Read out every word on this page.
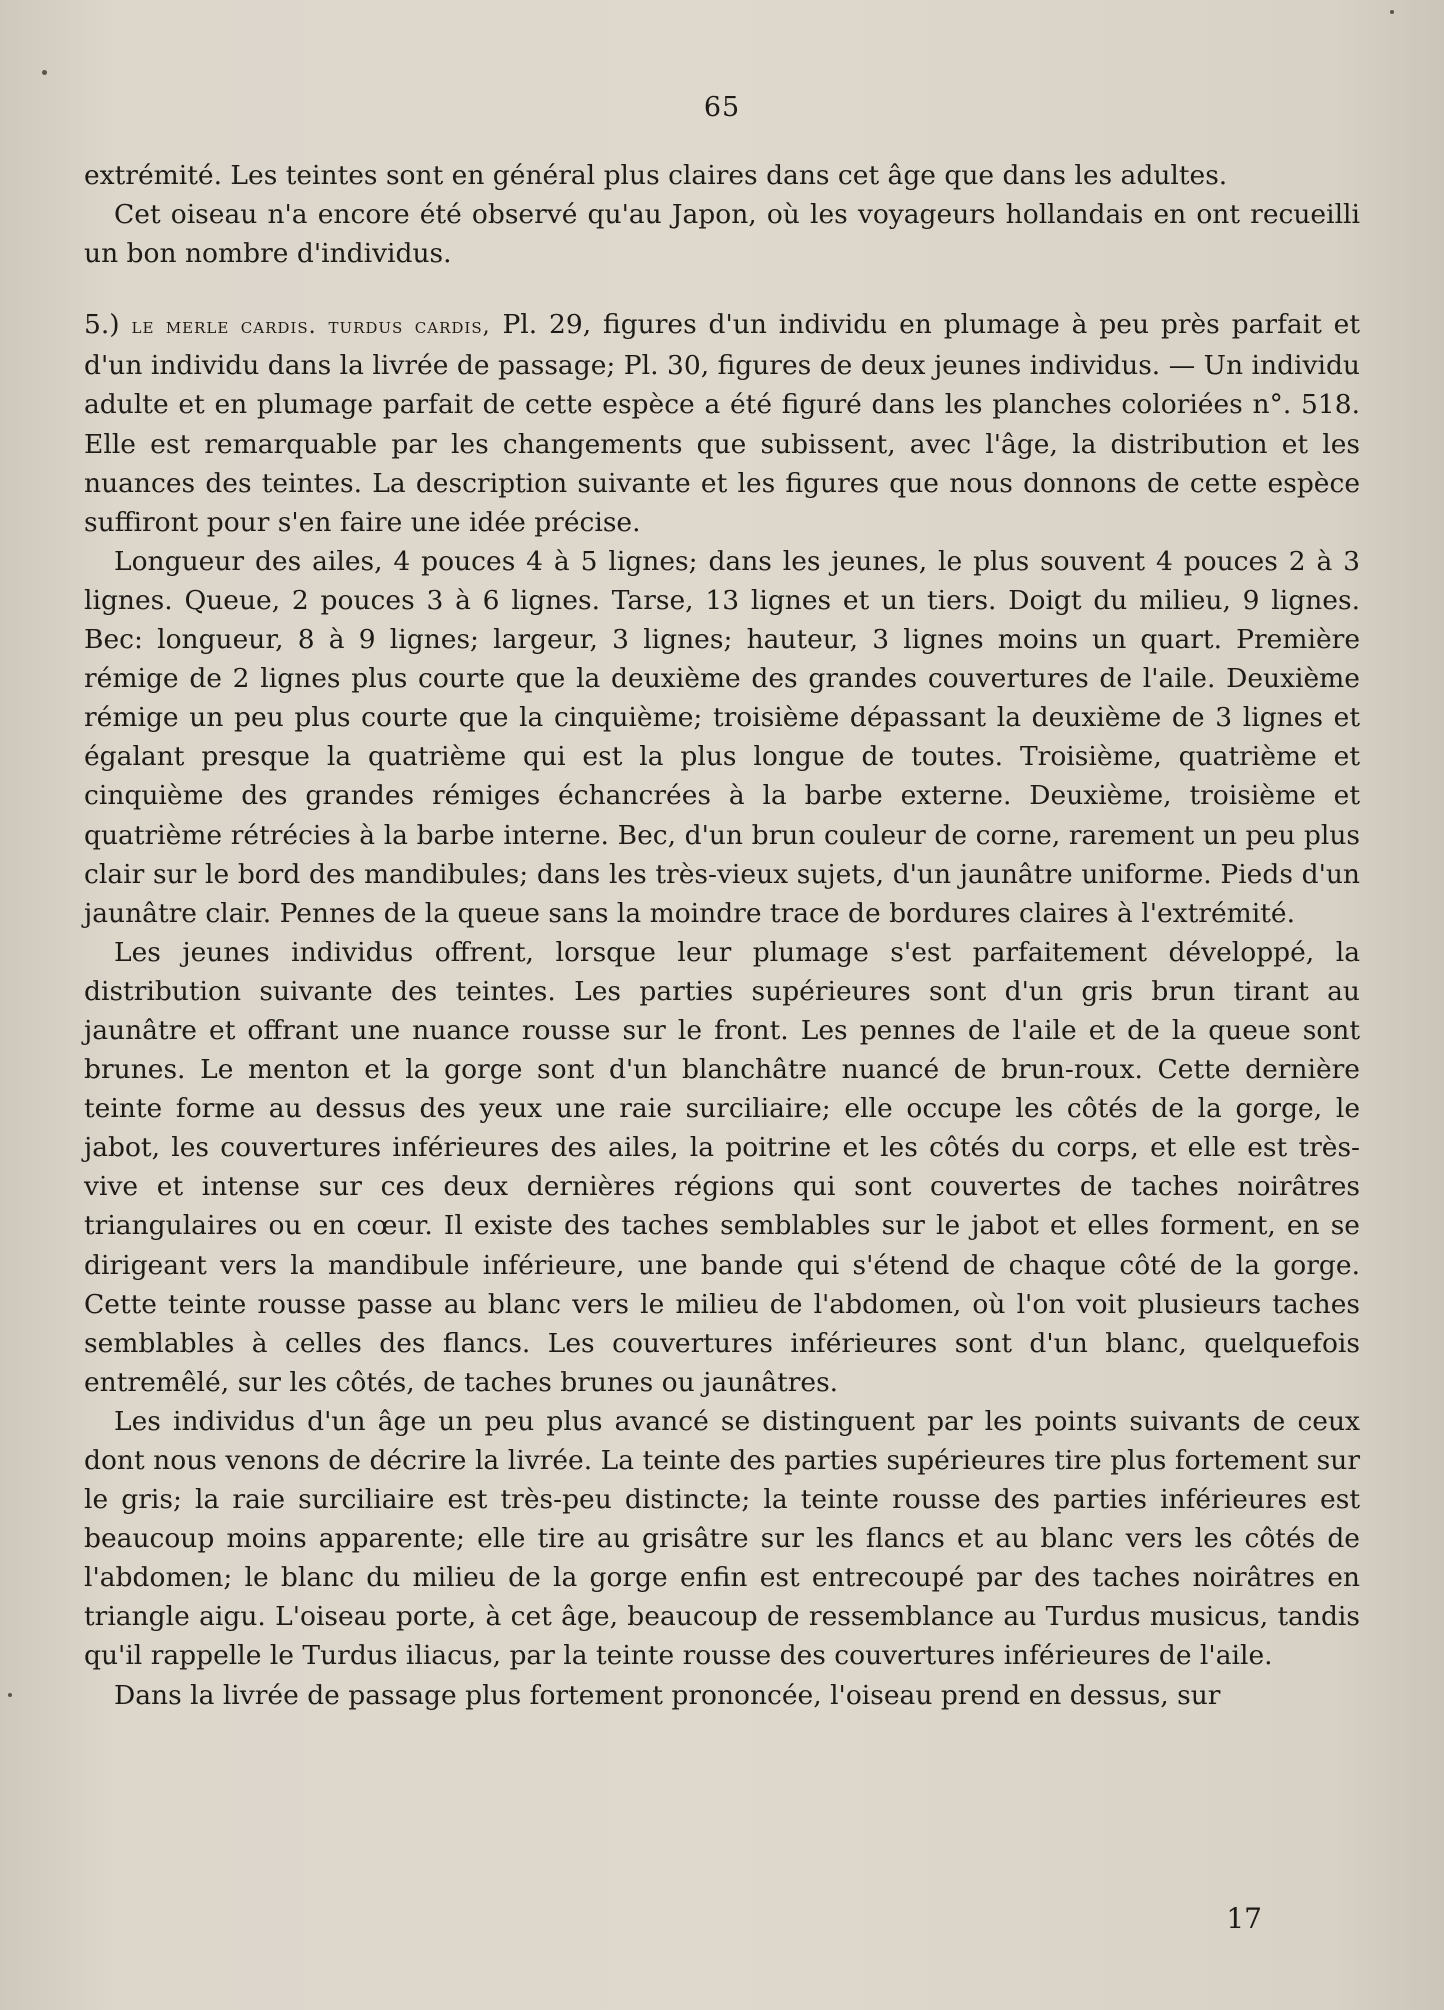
65

extrémité. Les teintes sont en général plus claires dans cet âge que dans les adultes.

Cet oiseau n'a encore été observé qu'au Japon, où les voyageurs hollandais en ont recueilli un bon nombre d'individus.

5.) le merle cardis. turdus cardis, Pl. 29, figures d'un individu en plumage à peu près parfait et d'un individu dans la livrée de passage; Pl. 30, figures de deux jeunes individus. — Un individu adulte et en plumage parfait de cette espèce a été figuré dans les planches coloriées n°. 518. Elle est remarquable par les changements que subissent, avec l'âge, la distribution et les nuances des teintes. La description suivante et les figures que nous donnons de cette espèce suffiront pour s'en faire une idée précise.

Longueur des ailes, 4 pouces 4 à 5 lignes; dans les jeunes, le plus souvent 4 pouces 2 à 3 lignes. Queue, 2 pouces 3 à 6 lignes. Tarse, 13 lignes et un tiers. Doigt du milieu, 9 lignes. Bec: longueur, 8 à 9 lignes; largeur, 3 lignes; hauteur, 3 lignes moins un quart. Première rémige de 2 lignes plus courte que la deuxième des grandes couvertures de l'aile. Deuxième rémige un peu plus courte que la cinquième; troisième dépassant la deuxième de 3 lignes et égalant presque la quatrième qui est la plus longue de toutes. Troisième, quatrième et cinquième des grandes rémiges échancrées à la barbe externe. Deuxième, troisième et quatrième rétrécies à la barbe interne. Bec, d'un brun couleur de corne, rarement un peu plus clair sur le bord des mandibules; dans les très-vieux sujets, d'un jaunâtre uniforme. Pieds d'un jaunâtre clair. Pennes de la queue sans la moindre trace de bordures claires à l'extrémité.

Les jeunes individus offrent, lorsque leur plumage s'est parfaitement développé, la distribution suivante des teintes. Les parties supérieures sont d'un gris brun tirant au jaunâtre et offrant une nuance rousse sur le front. Les pennes de l'aile et de la queue sont brunes. Le menton et la gorge sont d'un blanchâtre nuancé de brun-roux. Cette dernière teinte forme au dessus des yeux une raie surciliaire; elle occupe les côtés de la gorge, le jabot, les couvertures inférieures des ailes, la poitrine et les côtés du corps, et elle est très-vive et intense sur ces deux dernières régions qui sont couvertes de taches noirâtres triangulaires ou en cœur. Il existe des taches semblables sur le jabot et elles forment, en se dirigeant vers la mandibule inférieure, une bande qui s'étend de chaque côté de la gorge. Cette teinte rousse passe au blanc vers le milieu de l'abdomen, où l'on voit plusieurs taches semblables à celles des flancs. Les couvertures inférieures sont d'un blanc, quelquefois entremêlé, sur les côtés, de taches brunes ou jaunâtres.

Les individus d'un âge un peu plus avancé se distinguent par les points suivants de ceux dont nous venons de décrire la livrée. La teinte des parties supérieures tire plus fortement sur le gris; la raie surciliaire est très-peu distincte; la teinte rousse des parties inférieures est beaucoup moins apparente; elle tire au grisâtre sur les flancs et au blanc vers les côtés de l'abdomen; le blanc du milieu de la gorge enfin est entrecoupé par des taches noirâtres en triangle aigu. L'oiseau porte, à cet âge, beaucoup de ressemblance au Turdus musicus, tandis qu'il rappelle le Turdus iliacus, par la teinte rousse des couvertures inférieures de l'aile.

Dans la livrée de passage plus fortement prononcée, l'oiseau prend en dessus, sur

17
